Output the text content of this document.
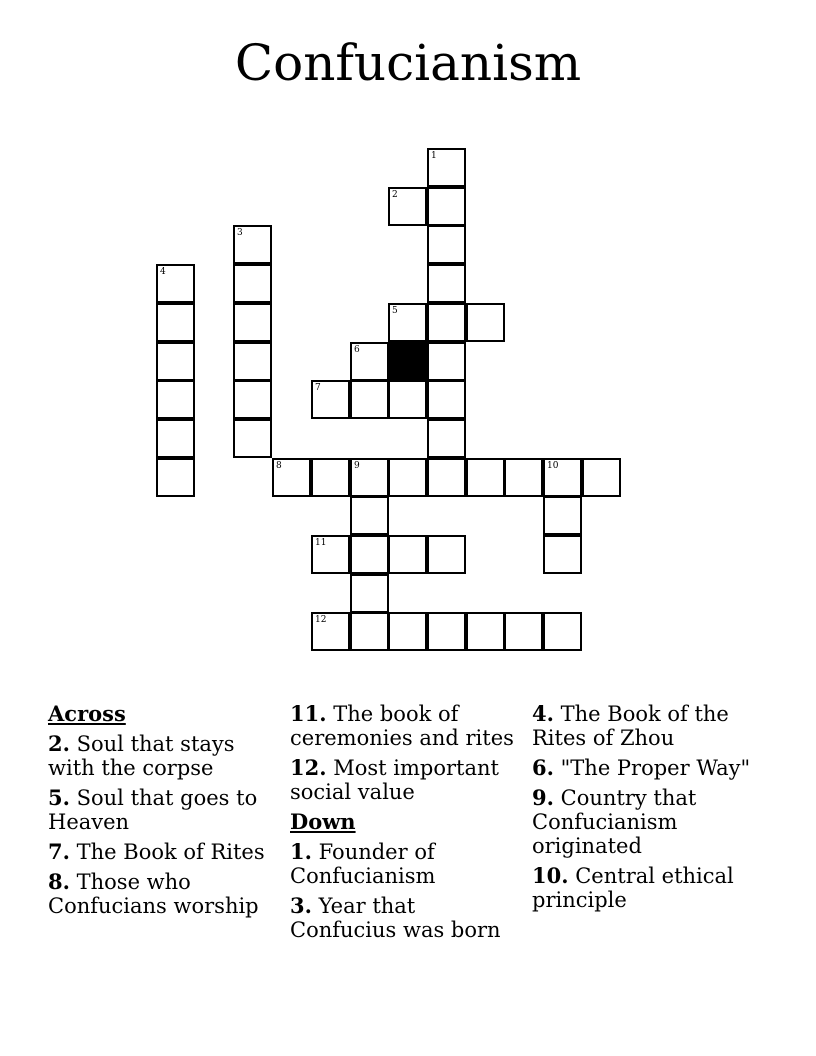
Confucianism
1
2
3
4
5
6
7
8	9	10
11
12
Across
2. Soul that stays with the corpse
5. Soul that goes to Heaven
7. The Book of Rites
8. Those who Confucians worship
11. The book of ceremonies and rites
12. Most important social value
Down
1. Founder of Confucianism
3. Year that Confucius was born
4. The Book of the Rites of Zhou
6. "The Proper Way"
9. Country that Confucianism originated
10. Central ethical principle
